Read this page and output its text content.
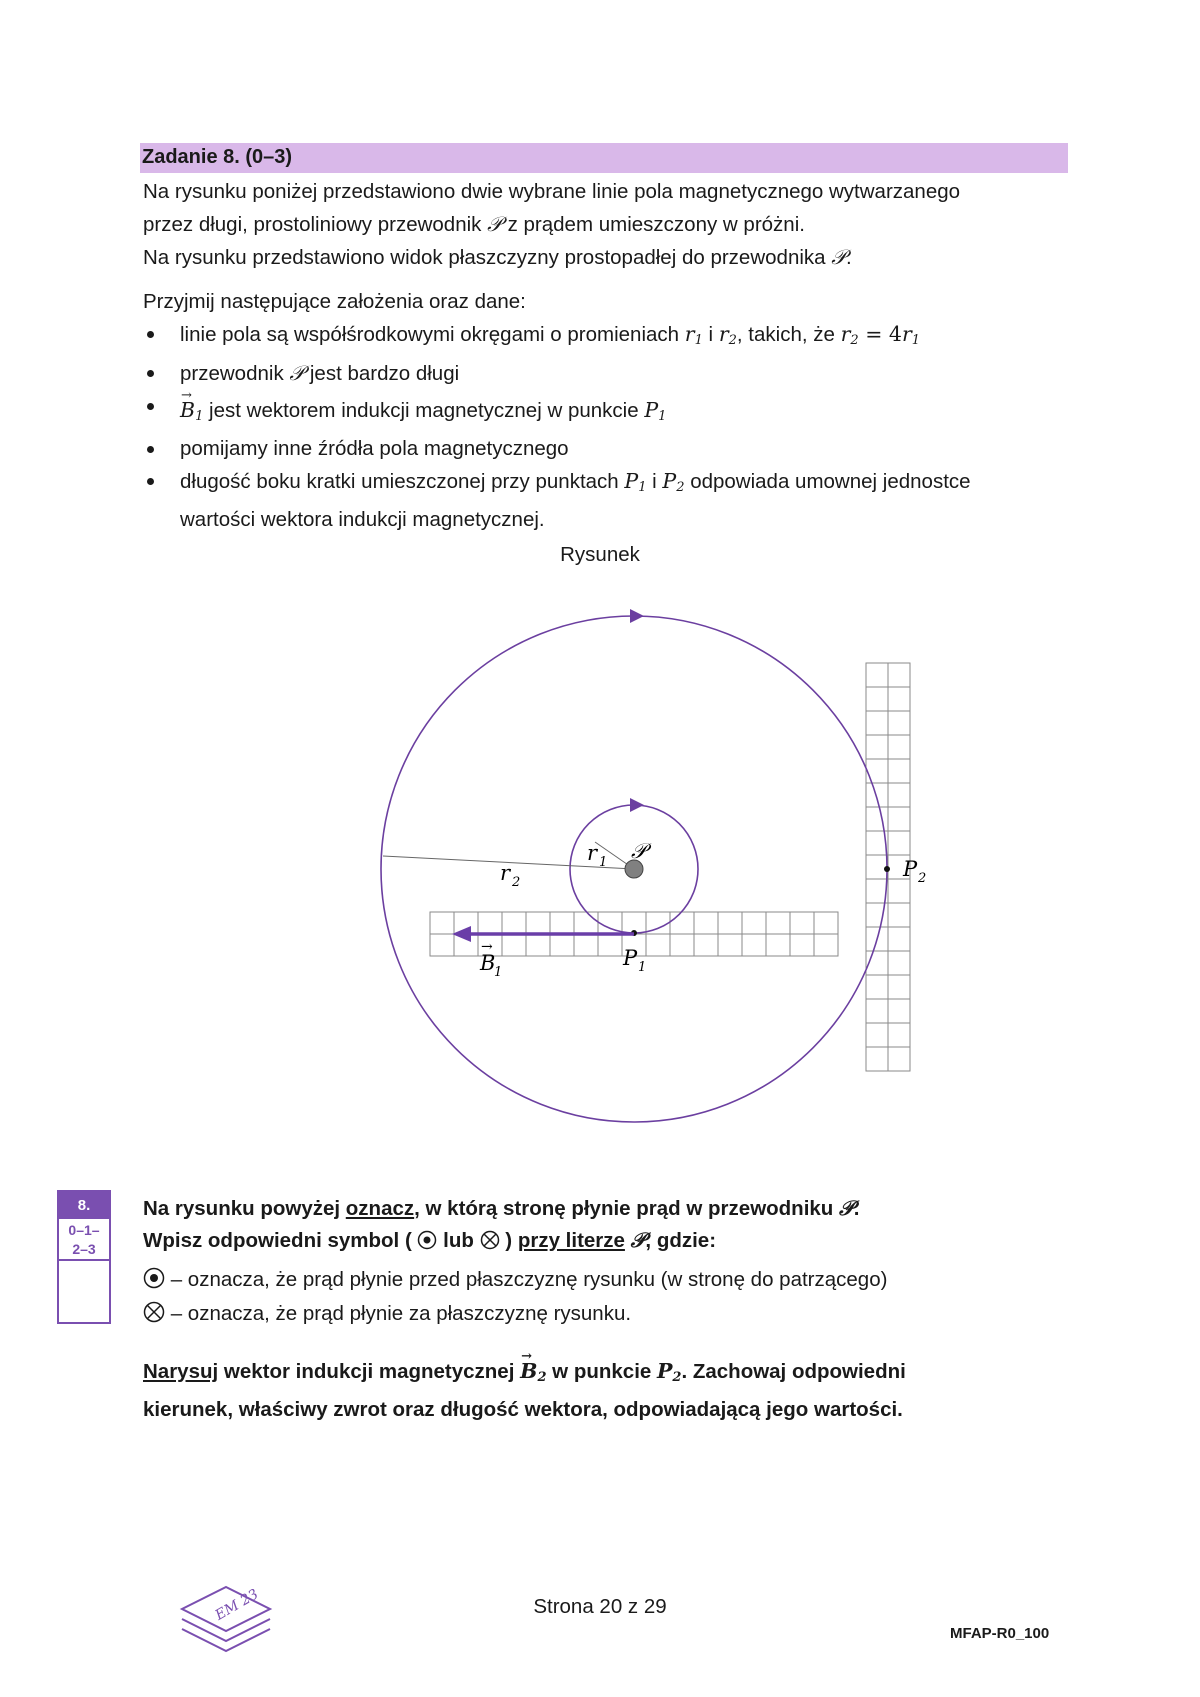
Zadanie 8. (0–3)
Na rysunku poniżej przedstawiono dwie wybrane linie pola magnetycznego wytwarzanego
przez długi, prostoliniowy przewodnik 𝒫 z prądem umieszczony w próżni.
Na rysunku przedstawiono widok płaszczyzny prostopadłej do przewodnika 𝒫.
Przyjmij następujące założenia oraz dane:
linie pola są współśrodkowymi okręgami o promieniach $r_1$ i $r_2$, takich, że $r_2 = 4r_1$
przewodnik 𝒫 jest bardzo długi
→ $B_1$ jest wektorem indukcji magnetycznej w punkcie $P_1$
pomijamy inne źródła pola magnetycznego
długość boku kratki umieszczonej przy punktach $P_1$ i $P_2$ odpowiada umownej jednostce
wartości wektora indukcji magnetycznej.
Rysunek
r 1 𝒫
r 2
P 1
B
→
1
P 2
8.
0–1–
2–3
Na rysunku powyżej oznacz, w którą stronę płynie prąd w przewodniku 𝒫.
Wpisz odpowiedni symbol (  lub  ) przy literze 𝒫, gdzie:
– oznacza, że prąd płynie przed płaszczyznę rysunku (w stronę do patrzącego)
– oznacza, że prąd płynie za płaszczyznę rysunku.
Narysuj wektor indukcji magnetycznej → $B_2$ w punkcie $P_2$. Zachowaj odpowiedni
kierunek, właściwy zwrot oraz długość wektora, odpowiadającą jego wartości.
EM 23	Strona 20 z 29
MFAP-R0_100
